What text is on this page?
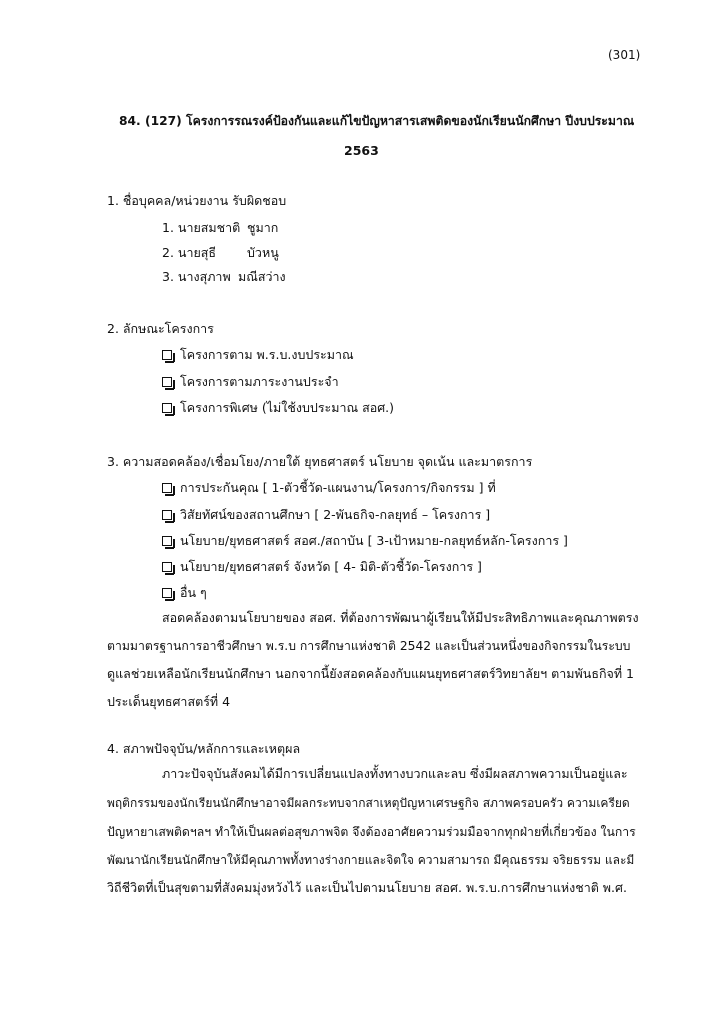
(301)
84. (127) โครงการรณรงค์ป้องกันและแก้ไขปัญหาสารเสพติดของนักเรียนนักศึกษา ปีงบประมาณ
2563
1. ชื่อบุคคล/หน่วยงาน รับผิดชอบ
1. นายสมชาติ ชูมาก
2. นายสุธี บัวหนู
3. นางสุภาพ มณีสว่าง
2. ลักษณะโครงการ
โครงการตาม พ.ร.บ.งบประมาณ
โครงการตามภาระงานประจำ
โครงการพิเศษ (ไม่ใช้งบประมาณ สอศ.)
3. ความสอดคล้อง/เชื่อมโยง/ภายใต้ ยุทธศาสตร์ นโยบาย จุดเน้น และมาตรการ
การประกันคุณ [ 1-ตัวชี้วัด-แผนงาน/โครงการ/กิจกรรม ] ที่
วิสัยทัศน์ของสถานศึกษา [ 2-พันธกิจ-กลยุทธ์ – โครงการ ]
นโยบาย/ยุทธศาสตร์ สอศ./สถาบัน [ 3-เป้าหมาย-กลยุทธ์หลัก-โครงการ ]
นโยบาย/ยุทธศาสตร์ จังหวัด [ 4- มิติ-ตัวชี้วัด-โครงการ ]
อื่น ๆ
สอดคล้องตามนโยบายของ สอศ. ที่ต้องการพัฒนาผู้เรียนให้มีประสิทธิภาพและคุณภาพตรง
ตามมาตรฐานการอาชีวศึกษา พ.ร.บ การศึกษาแห่งชาติ 2542 และเป็นส่วนหนึ่งของกิจกรรมในระบบ
ดูแลช่วยเหลือนักเรียนนักศึกษา นอกจากนี้ยังสอดคล้องกับแผนยุทธศาสตร์วิทยาลัยฯ ตามพันธกิจที่ 1
ประเด็นยุทธศาสตร์ที่ 4
4. สภาพปัจจุบัน/หลักการและเหตุผล
ภาวะปัจจุบันสังคมได้มีการเปลี่ยนแปลงทั้งทางบวกและลบ ซึ่งมีผลสภาพความเป็นอยู่และ
พฤติกรรมของนักเรียนนักศึกษาอาจมีผลกระทบจากสาเหตุปัญหาเศรษฐกิจ สภาพครอบครัว ความเครียด
ปัญหายาเสพติดฯลฯ ทำให้เป็นผลต่อสุขภาพจิต จึงต้องอาศัยความร่วมมือจากทุกฝ่ายที่เกี่ยวข้อง ในการ
พัฒนานักเรียนนักศึกษาให้มีคุณภาพทั้งทางร่างกายและจิตใจ ความสามารถ มีคุณธรรม จริยธรรม และมี
วิถีชีวิตที่เป็นสุขตามที่สังคมมุ่งหวังไว้ และเป็นไปตามนโยบาย สอศ. พ.ร.บ.การศึกษาแห่งชาติ พ.ศ.
